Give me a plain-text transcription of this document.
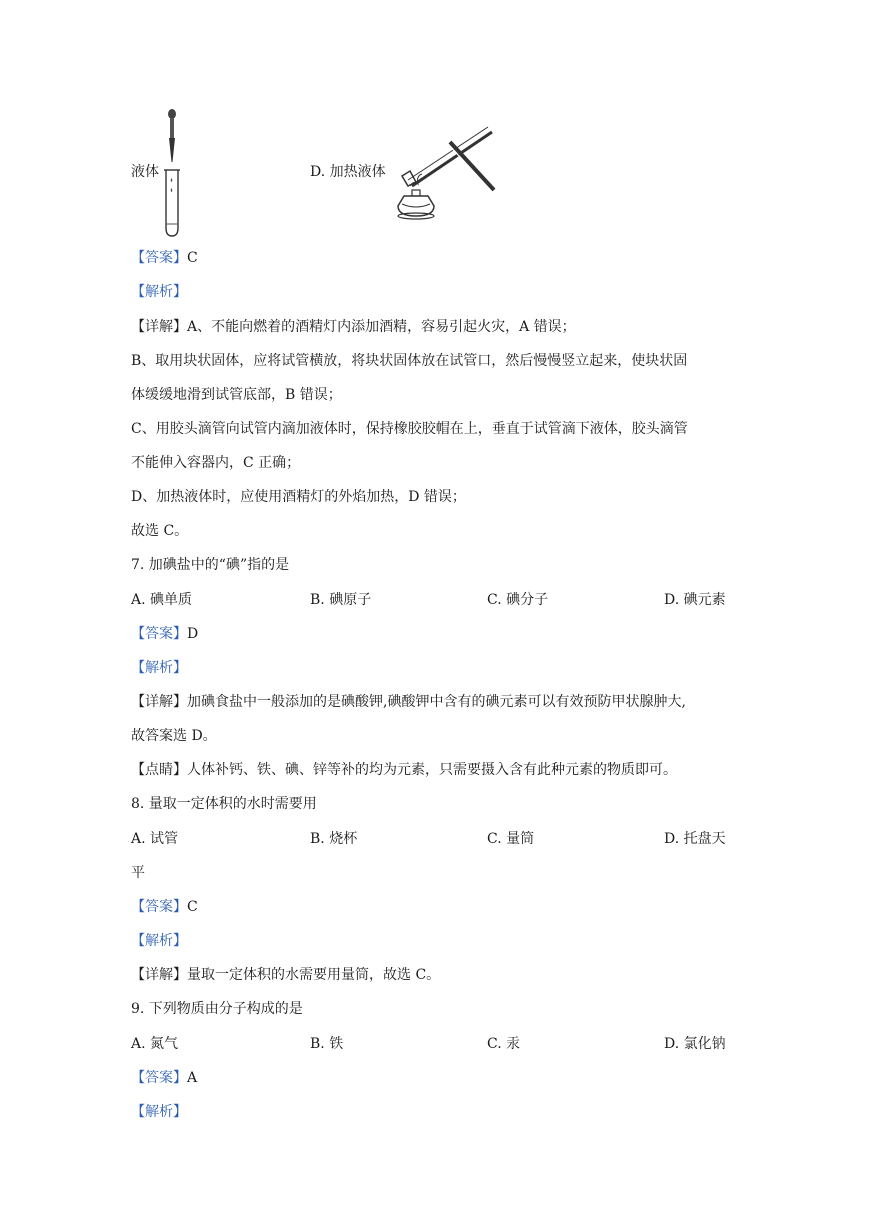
液体	D. 加热液体
【答案】C
【解析】
【详解】A、不能向燃着的酒精灯内添加酒精，容易引起火灾，A 错误；
B、取用块状固体，应将试管横放，将块状固体放在试管口，然后慢慢竖立起来，使块状固
体缓缓地滑到试管底部，B 错误；
C、用胶头滴管向试管内滴加液体时，保持橡胶胶帽在上，垂直于试管滴下液体，胶头滴管
不能伸入容器内，C 正确；
D、加热液体时，应使用酒精灯的外焰加热，D 错误；
故选 C。
7. 加碘盐中的“碘”指的是
A. 碘单质	B. 碘原子	C. 碘分子	D. 碘元素
【答案】D
【解析】
【详解】加碘食盐中一般添加的是碘酸钾,碘酸钾中含有的碘元素可以有效预防甲状腺肿大,
故答案选 D。
【点睛】人体补钙、铁、碘、锌等补的均为元素，只需要摄入含有此种元素的物质即可。
8. 量取一定体积的水时需要用
A. 试管	B. 烧杯	C. 量筒	D. 托盘天
平
【答案】C
【解析】
【详解】量取一定体积的水需要用量筒，故选 C。
9. 下列物质由分子构成的是
A. 氮气	B. 铁	C. 汞	D. 氯化钠
【答案】A
【解析】
